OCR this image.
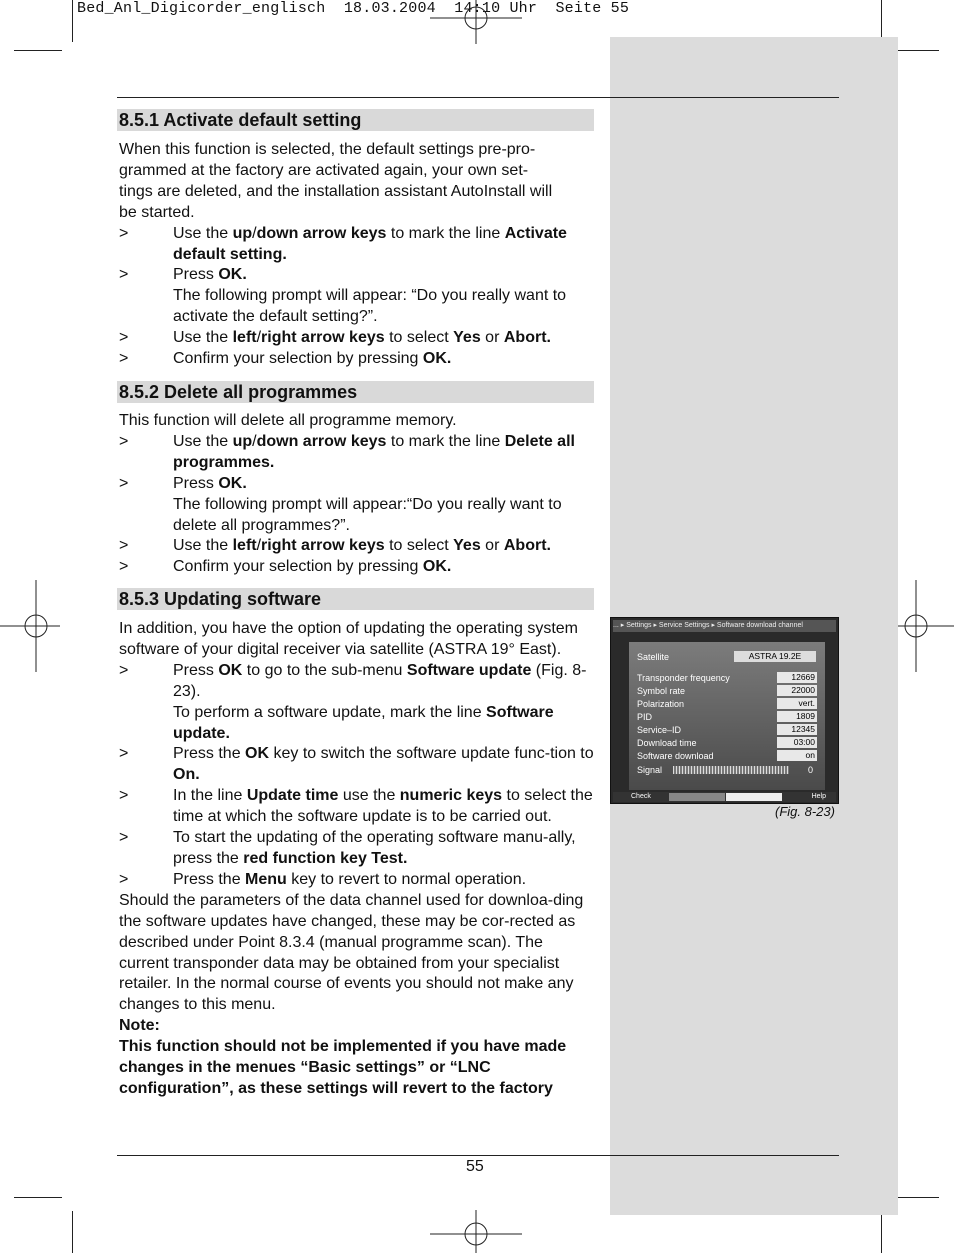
Bed_Anl_Digicorder_englisch  18.03.2004  14:10 Uhr  Seite 55
8.5.1 Activate default setting

When this function is selected, the default settings pre-pro-

grammed at the factory are activated again, your own set-

tings are deleted, and the installation assistant AutoInstall will

be started.

>	Use the up/down arrow keys to mark the line Activate default setting.
>	Press OK.
The following prompt will appear: “Do you really want to activate the default setting?”.
>	Use the left/right arrow keys to select Yes or Abort.
>	Confirm your selection by pressing OK.
8.5.2 Delete all programmes

This function will delete all programme memory.

>	Use the up/down arrow keys to mark the line Delete all programmes.
>	Press OK.
The following prompt will appear:“Do you really want to delete all programmes?”.
>	Use the left/right arrow keys to select Yes or Abort.
>	Confirm your selection by pressing OK.
8.5.3 Updating software

In addition, you have the option of updating the operating system software of your digital receiver via satellite (ASTRA 19° East).

>	Press OK to go to the sub-menu Software update (Fig. 8-23).
To perform a software update, mark the line Software update.
>	Press the OK key to switch the software update func-tion to On.
>	In the line Update time use the numeric keys to select the time at which the software update is to be carried out.
>	To start the updating of the operating software manu-ally, press the red function key Test.
>	Press the Menu key to revert to normal operation.

Should the parameters of the data channel used for downloa-ding the software updates have changed, these may be cor-rected as described under Point 8.3.4 (manual programme scan). The current transponder data may be obtained from your specialist retailer. In the normal course of events you should not make any changes to this menu.

Note:

This function should not be implemented if you have made changes in the menues “Basic settings” or “LNC configuration”, as these settings will revert to the factory

... ▸ Settings ▸ Service Settings ▸ Software download channel
Satellite	ASTRA 19.2E
Transponder frequency	12669
Symbol rate	22000
Polarization	vert.
PID	1809
Service–ID	12345
Download time	03:00
Software download	on
Signal	0
Check	Help
(Fig. 8-23)
55
